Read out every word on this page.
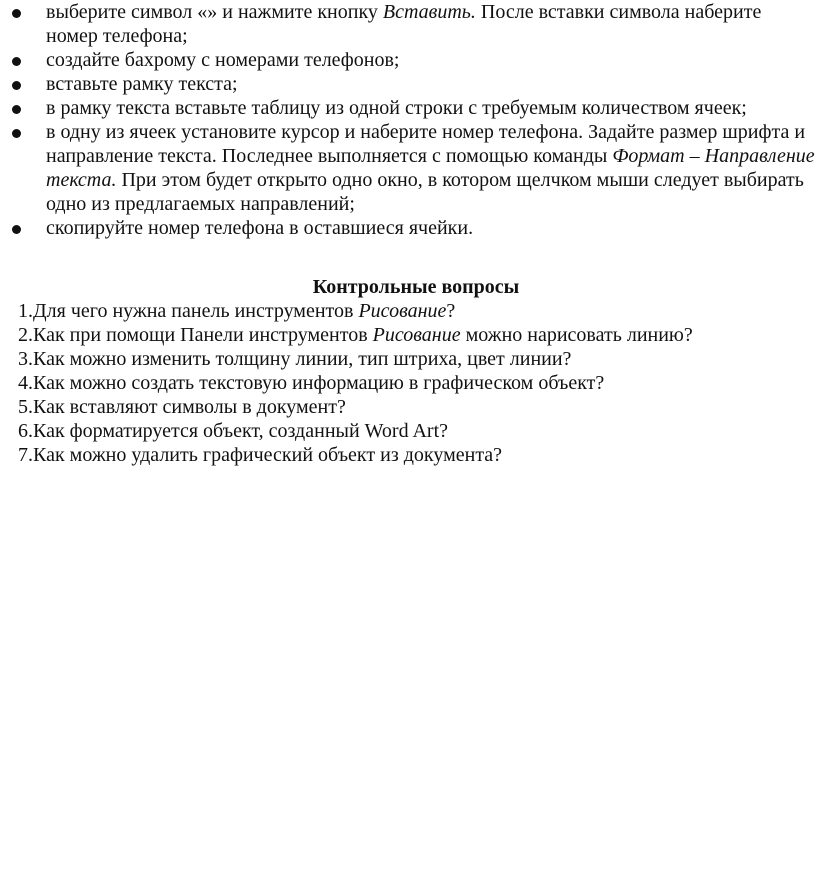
выберите символ «» и нажмите кнопку Вставить. После вставки символа наберите номер телефона;
создайте бахрому с номерами телефонов;
вставьте рамку текста;
в рамку текста вставьте таблицу из одной строки с требуемым количеством ячеек;
в одну из ячеек установите курсор и наберите номер телефона. Задайте размер шрифта и направление текста. Последнее выполняется с помощью команды Формат – Направление текста. При этом будет открыто одно окно, в котором щелчком мыши следует выбирать одно из предлагаемых направлений;
скопируйте номер телефона в оставшиеся ячейки.
Контрольные вопросы
1.Для чего нужна панель инструментов Рисование?
2.Как при помощи Панели инструментов Рисование можно нарисовать линию?
3.Как можно изменить толщину линии, тип штриха, цвет линии?
4.Как можно создать текстовую информацию в графическом объект?
5.Как вставляют символы в документ?
6.Как форматируется объект, созданный Word Art?
7.Как можно удалить графический объект из документа?
